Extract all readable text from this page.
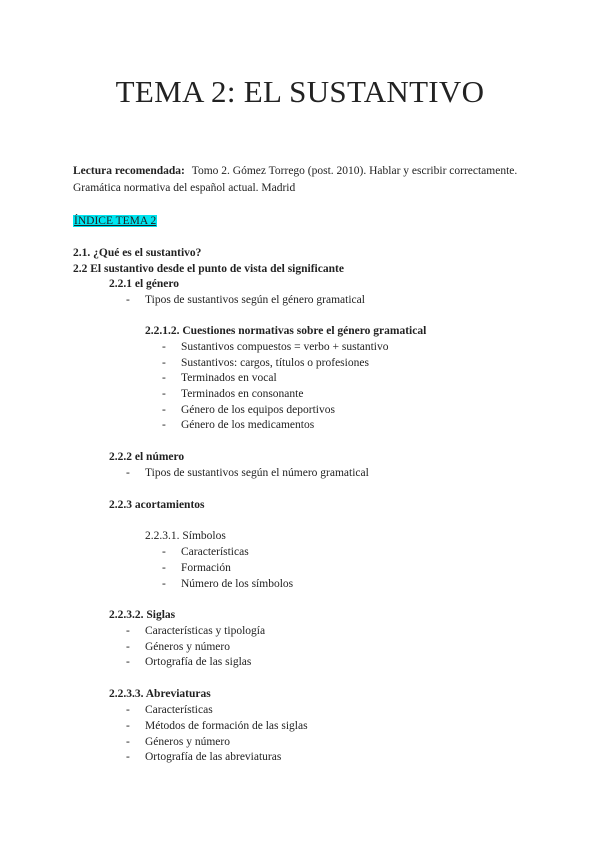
TEMA 2: EL SUSTANTIVO
Lectura recomendada: Tomo 2. Gómez Torrego (post. 2010). Hablar y escribir correctamente.
Gramática normativa del español actual. Madrid
ÍNDICE TEMA 2
2.1. ¿Qué es el sustantivo?
2.2 El sustantivo desde el punto de vista del significante
2.2.1 el género
- Tipos de sustantivos según el género gramatical
2.2.1.2. Cuestiones normativas sobre el género gramatical
- Sustantivos compuestos = verbo + sustantivo
- Sustantivos: cargos, títulos o profesiones
- Terminados en vocal
- Terminados en consonante
- Género de los equipos deportivos
- Género de los medicamentos
2.2.2 el número
- Tipos de sustantivos según el número gramatical
2.2.3 acortamientos
2.2.3.1. Símbolos
- Características
- Formación
- Número de los símbolos
2.2.3.2. Siglas
- Características y tipología
- Géneros y número
- Ortografía de las siglas
2.2.3.3. Abreviaturas
- Características
- Métodos de formación de las siglas
- Géneros y número
- Ortografía de las abreviaturas
